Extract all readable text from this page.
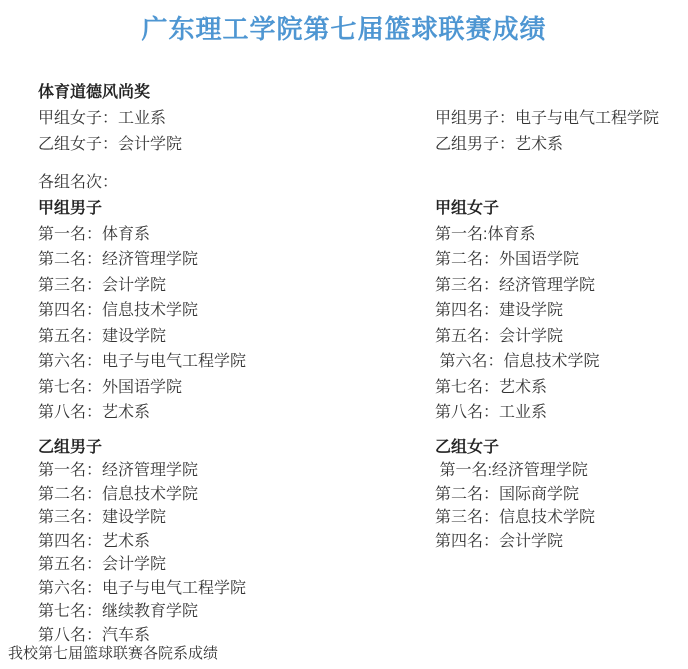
广东理工学院第七届篮球联赛成绩
体育道德风尚奖
甲组女子：工业系	甲组男子：电子与电气工程学院
乙组女子：会计学院	乙组男子：艺术系
各组名次：
甲组男子
第一名：体育系
第二名：经济管理学院
第三名：会计学院
第四名：信息技术学院
第五名：建设学院
第六名：电子与电气工程学院
第七名：外国语学院
第八名：艺术系
甲组女子
第一名:体育系
第二名：外国语学院
第三名：经济管理学院
第四名：建设学院
第五名：会计学院
第六名：信息技术学院
第七名：艺术系
第八名：工业系
乙组男子
第一名：经济管理学院
第二名：信息技术学院
第三名：建设学院
第四名：艺术系
第五名：会计学院
第六名：电子与电气工程学院
第七名：继续教育学院
第八名：汽车系
乙组女子
第一名:经济管理学院
第二名：国际商学院
第三名：信息技术学院
第四名：会计学院
我校第七届篮球联赛各院系成绩
